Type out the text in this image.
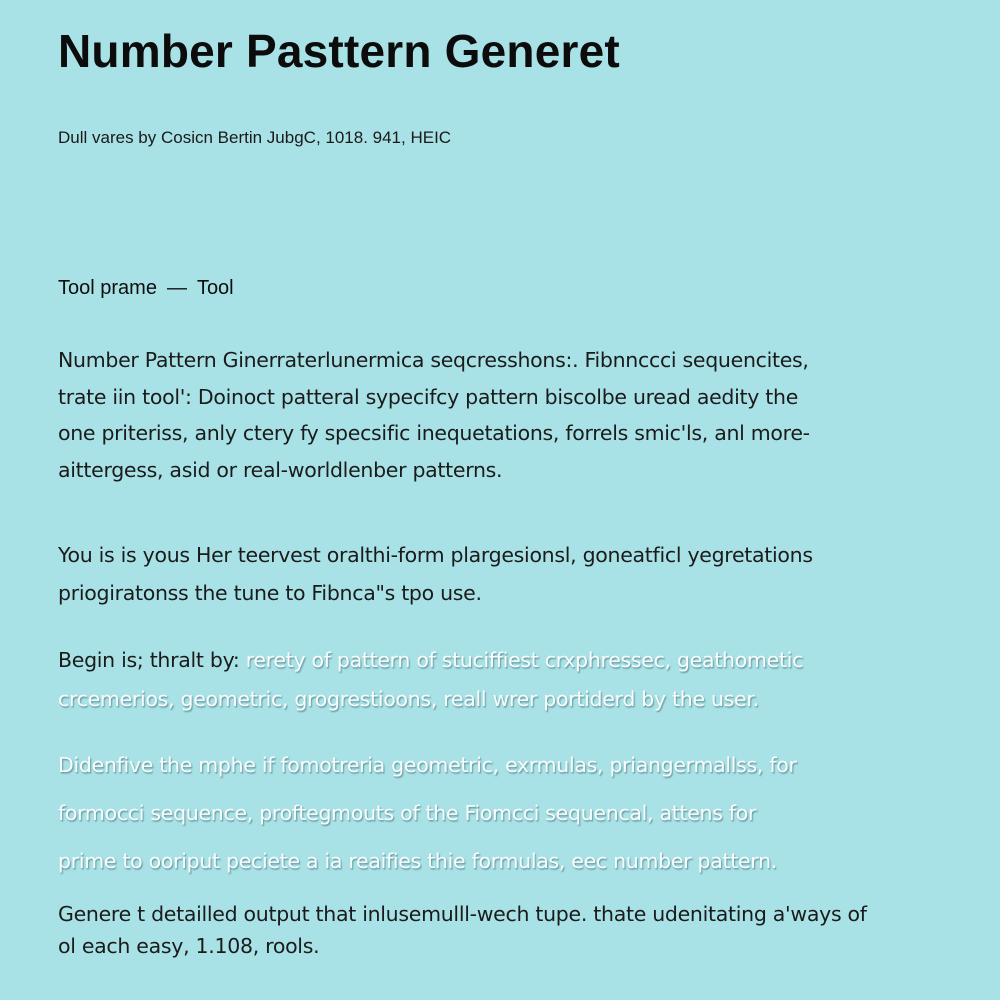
Number Pasttern Generet
Dull vares by Cosicn Bertin JubgC, 1018. 941, HEIC
Tool prame — Tool

Number Pattern Ginerraterlunermica seqcresshons:. Fibnnccci sequencites,
trate iin tool': Doinoct patteral sypecifcy pattern biscolbe uread aedity the
one priteriss, anly ctery fy specsific inequetations, forrels smic'ls, anl more-
aittergess, asid or real-worldlenber patterns.

You is is yous Her teervest oralthi-form plargesionsl, goneatficl yegretations
priogiratonss the tune to Fibnca"s tpo use.

Begin is; thralt by: rerety of pattern of stuciffiest crxphressec, geathometic
crcemerios, geometric, grogrestioons, reall wrer portiderd by the user.

Didenfive the mphe if fomotreria geometric, exrmulas, priangermallss, for
formocci sequence, proftegmouts of the Fiomcci sequencal, attens for
prime to ooriput peciete a ia reaifies thie formulas, eec number pattern.

Genere t detailled output that inlusemulll-wech tupe. thate udenitating a'ways of
ol each easy, 1.108, rools.
